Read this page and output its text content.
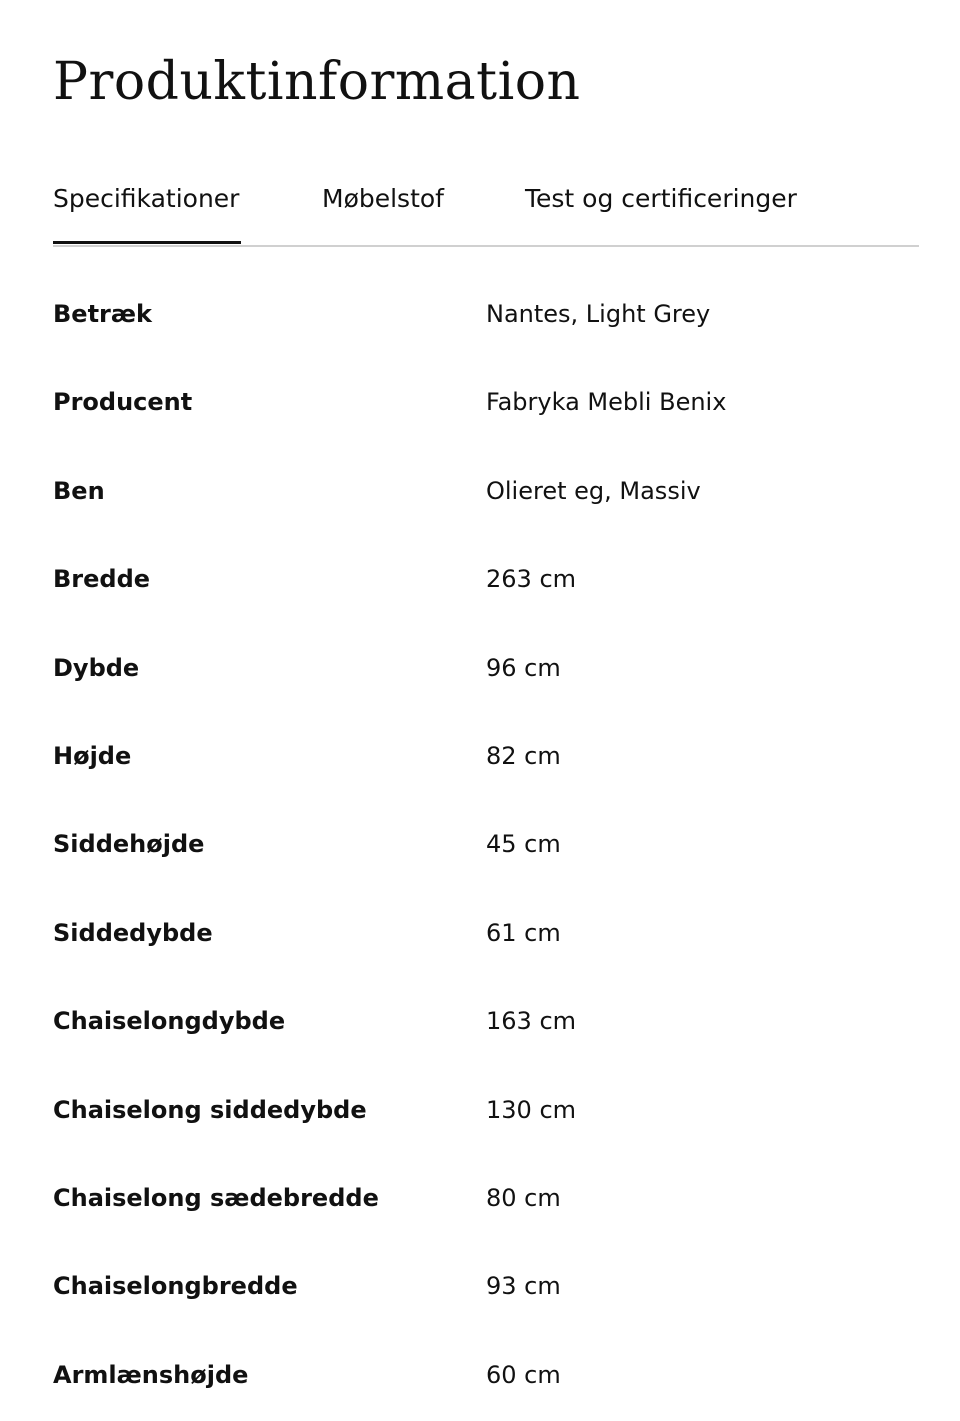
Produktinformation
Specifikationer	Møbelstof	Test og certificeringer
Betræk	Nantes, Light Grey
Producent	Fabryka Mebli Benix
Ben	Olieret eg, Massiv
Bredde	263 cm
Dybde	96 cm
Højde	82 cm
Siddehøjde	45 cm
Siddedybde	61 cm
Chaiselongdybde	163 cm
Chaiselong siddedybde	130 cm
Chaiselong sædebredde	80 cm
Chaiselongbredde	93 cm
Armlænshøjde	60 cm
